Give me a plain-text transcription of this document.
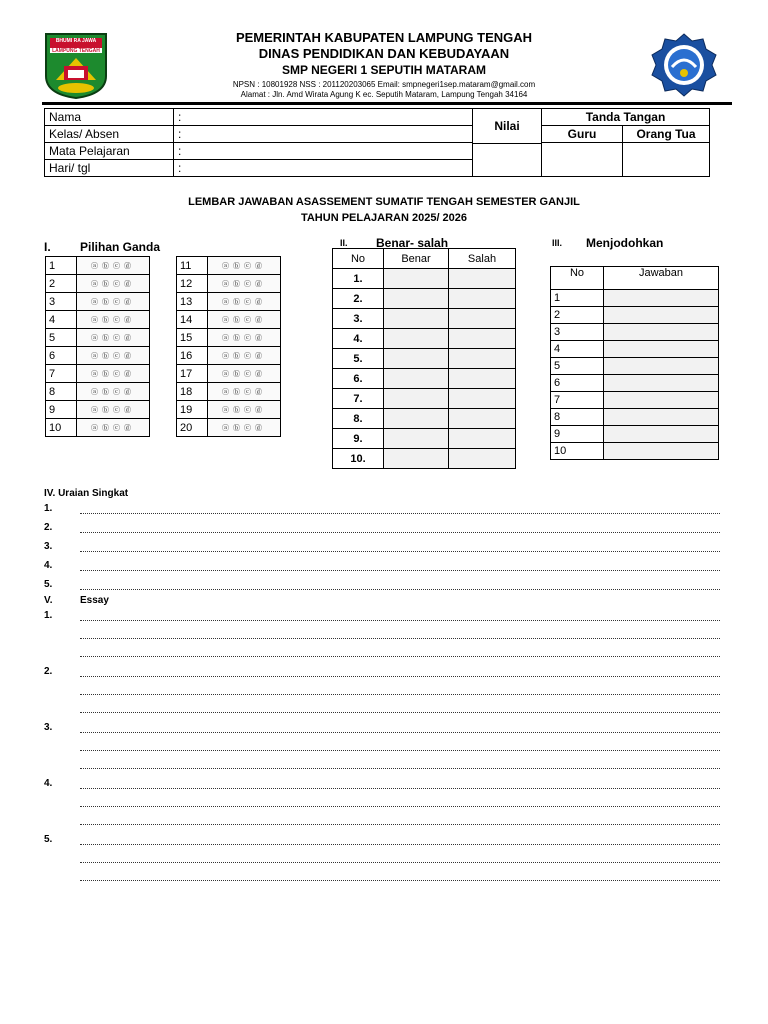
BHUMI RA JAWA
LAMPUNG TENGAH
PEMERINTAH KABUPATEN LAMPUNG TENGAH
DINAS PENDIDIKAN DAN KEBUDAYAAN
SMP NEGERI 1 SEPUTIH MATARAM
NPSN : 10801928 NSS : 201120203065 Email: smpnegeri1sep.mataram@gmail.com
Alamat : Jln. Amd Wirata Agung K ec. Seputih Mataram, Lampung Tengah 34164
Nama	:	Nilai	Tanda Tangan	
Kelas/ Absen	:		Guru	Orang Tua
Mata Pelajaran	:			
Hari/ tgl	:			
LEMBAR JAWABAN ASASSEMENT SUMATIF TENGAH SEMESTER GANJIL
TAHUN PELAJARAN 2025/ 2026
I. Pilihan Ganda
1	ⓐⓑⓒⓓ
2	ⓐⓑⓒⓓ
3	ⓐⓑⓒⓓ
4	ⓐⓑⓒⓓ
5	ⓐⓑⓒⓓ
6	ⓐⓑⓒⓓ
7	ⓐⓑⓒⓓ
8	ⓐⓑⓒⓓ
9	ⓐⓑⓒⓓ
10	ⓐⓑⓒⓓ
11	ⓐⓑⓒⓓ
12	ⓐⓑⓒⓓ
13	ⓐⓑⓒⓓ
14	ⓐⓑⓒⓓ
15	ⓐⓑⓒⓓ
16	ⓐⓑⓒⓓ
17	ⓐⓑⓒⓓ
18	ⓐⓑⓒⓓ
19	ⓐⓑⓒⓓ
20	ⓐⓑⓒⓓ
II. Benar- salah
No	Benar	Salah
1.		
2.		
3.		
4.		
5.		
6.		
7.		
8.		
9.		
10.		
III. Menjodohkan
No	Jawaban
1	
2	
3	
4	
5	
6	
7	
8	
9	
10	
IV. Uraian Singkat
1.
2.
3.
4.
5.
V.	Essay
1.
2.
3.
4.
5.
